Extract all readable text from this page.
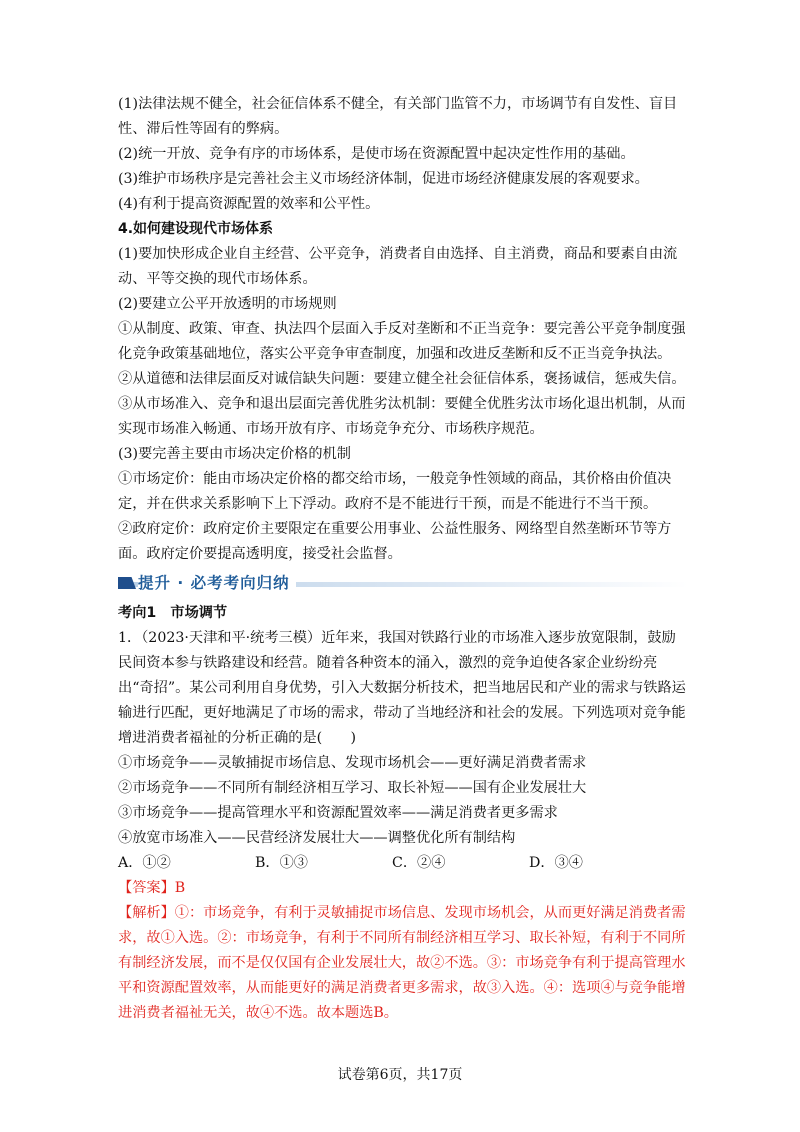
(1)法律法规不健全，社会征信体系不健全，有关部门监管不力，市场调节有自发性、盲目性、滞后性等固有的弊病。

(2)统一开放、竞争有序的市场体系，是使市场在资源配置中起决定性作用的基础。

(3)维护市场秩序是完善社会主义市场经济体制，促进市场经济健康发展的客观要求。

(4)有利于提高资源配置的效率和公平性。

4.如何建设现代市场体系

(1)要加快形成企业自主经营、公平竞争，消费者自由选择、自主消费，商品和要素自由流动、平等交换的现代市场体系。

(2)要建立公平开放透明的市场规则

①从制度、政策、审查、执法四个层面入手反对垄断和不正当竞争：要完善公平竞争制度强化竞争政策基础地位，落实公平竞争审查制度，加强和改进反垄断和反不正当竞争执法。

②从道德和法律层面反对诚信缺失问题：要建立健全社会征信体系，褒扬诚信，惩戒失信。

③从市场准入、竞争和退出层面完善优胜劣汰机制：要健全优胜劣汰市场化退出机制，从而实现市场准入畅通、市场开放有序、市场竞争充分、市场秩序规范。

(3)要完善主要由市场决定价格的机制

①市场定价：能由市场决定价格的都交给市场，一般竞争性领域的商品，其价格由价值决定，并在供求关系影响下上下浮动。政府不是不能进行干预，而是不能进行不当干预。

②政府定价：政府定价主要限定在重要公用事业、公益性服务、网络型自然垄断环节等方面。政府定价要提高透明度，接受社会监督。

提升 · 必考考向归纳

考向1　市场调节

1．（2023·天津和平·统考三模）近年来，我国对铁路行业的市场准入逐步放宽限制，鼓励民间资本参与铁路建设和经营。随着各种资本的涌入，激烈的竞争迫使各家企业纷纷亮出“奇招”。某公司利用自身优势，引入大数据分析技术，把当地居民和产业的需求与铁路运输进行匹配，更好地满足了市场的需求，带动了当地经济和社会的发展。下列选项对竞争能增进消费者福祉的分析正确的是(　　)

①市场竞争——灵敏捕捉市场信息、发现市场机会——更好满足消费者需求

②市场竞争——不同所有制经济相互学习、取长补短——国有企业发展壮大

③市场竞争——提高管理水平和资源配置效率——满足消费者更多需求

④放宽市场准入——民营经济发展壮大——调整优化所有制结构

A．①②	B．①③	C．②④	D．③④

【答案】B

【解析】①：市场竞争，有利于灵敏捕捉市场信息、发现市场机会，从而更好满足消费者需求，故①入选。②：市场竞争，有利于不同所有制经济相互学习、取长补短，有利于不同所有制经济发展，而不是仅仅国有企业发展壮大，故②不选。③：市场竞争有利于提高管理水平和资源配置效率，从而能更好的满足消费者更多需求，故③入选。④：选项④与竞争能增进消费者福祉无关，故④不选。故本题选B。

试卷第6页，共17页
